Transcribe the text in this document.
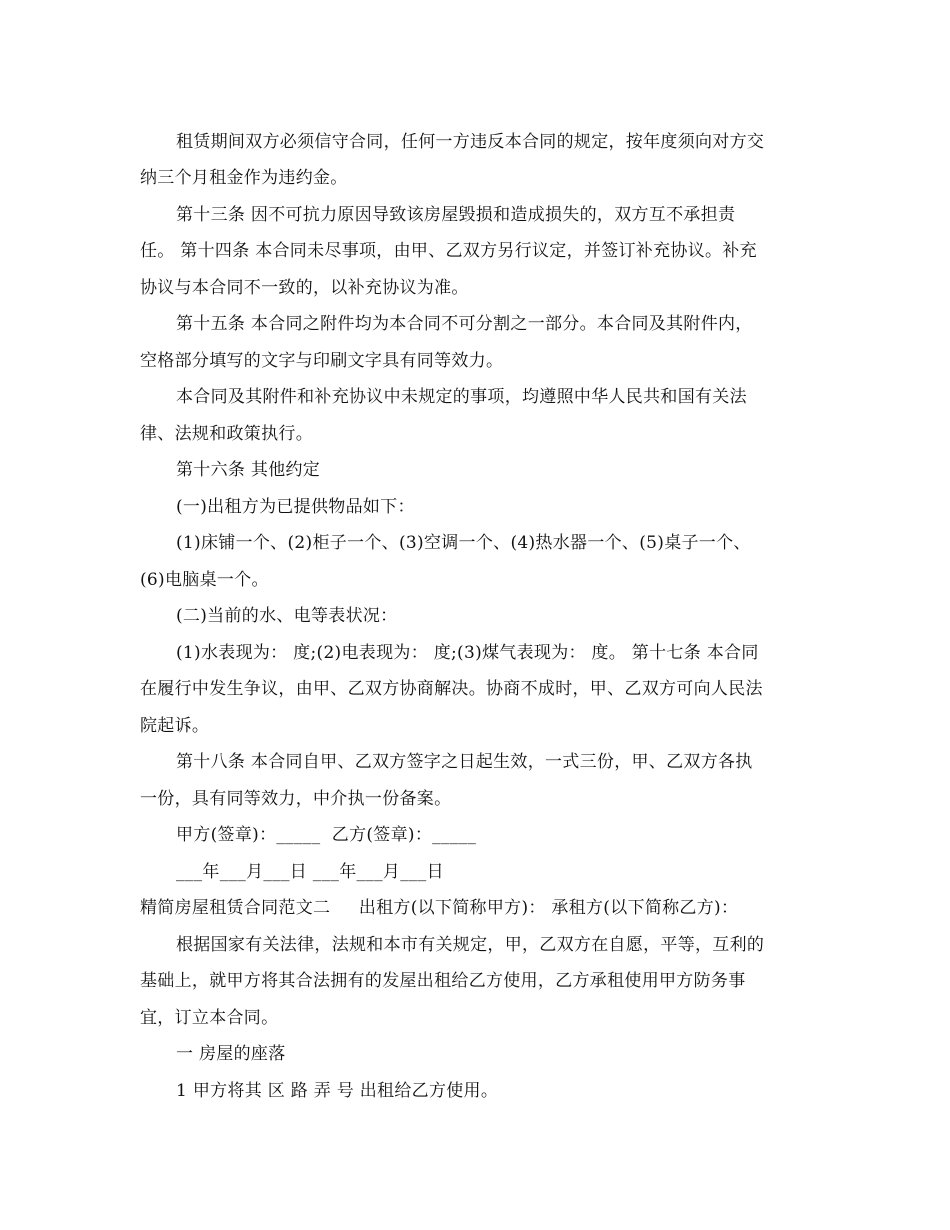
租赁期间双方必须信守合同，任何一方违反本合同的规定，按年度须向对方交
纳三个月租金作为违约金。
第十三条 因不可抗力原因导致该房屋毁损和造成损失的，双方互不承担责
任。 第十四条 本合同未尽事项，由甲、乙双方另行议定，并签订补充协议。补充
协议与本合同不一致的，以补充协议为准。
第十五条 本合同之附件均为本合同不可分割之一部分。本合同及其附件内，
空格部分填写的文字与印刷文字具有同等效力。
本合同及其附件和补充协议中未规定的事项，均遵照中华人民共和国有关法
律、法规和政策执行。
第十六条 其他约定
(一)出租方为已提供物品如下：
(1)床铺一个、(2)柜子一个、(3)空调一个、(4)热水器一个、(5)桌子一个、
(6)电脑桌一个。
(二)当前的水、电等表状况：
(1)水表现为： 度;(2)电表现为： 度;(3)煤气表现为： 度。 第十七条 本合同
在履行中发生争议，由甲、乙双方协商解决。协商不成时，甲、乙双方可向人民法
院起诉。
第十八条 本合同自甲、乙双方签字之日起生效，一式三份，甲、乙双方各执
一份，具有同等效力，中介执一份备案。
甲方(签章)：_____  乙方(签章)：_____
___年___月___日 ___年___月___日
精简房屋租赁合同范文二     出租方(以下简称甲方)： 承租方(以下简称乙方)：
根据国家有关法律，法规和本市有关规定，甲，乙双方在自愿，平等，互利的
基础上，就甲方将其合法拥有的发屋出租给乙方使用，乙方承租使用甲方防务事
宜，订立本合同。
一 房屋的座落
1 甲方将其 区 路 弄 号 出租给乙方使用。
